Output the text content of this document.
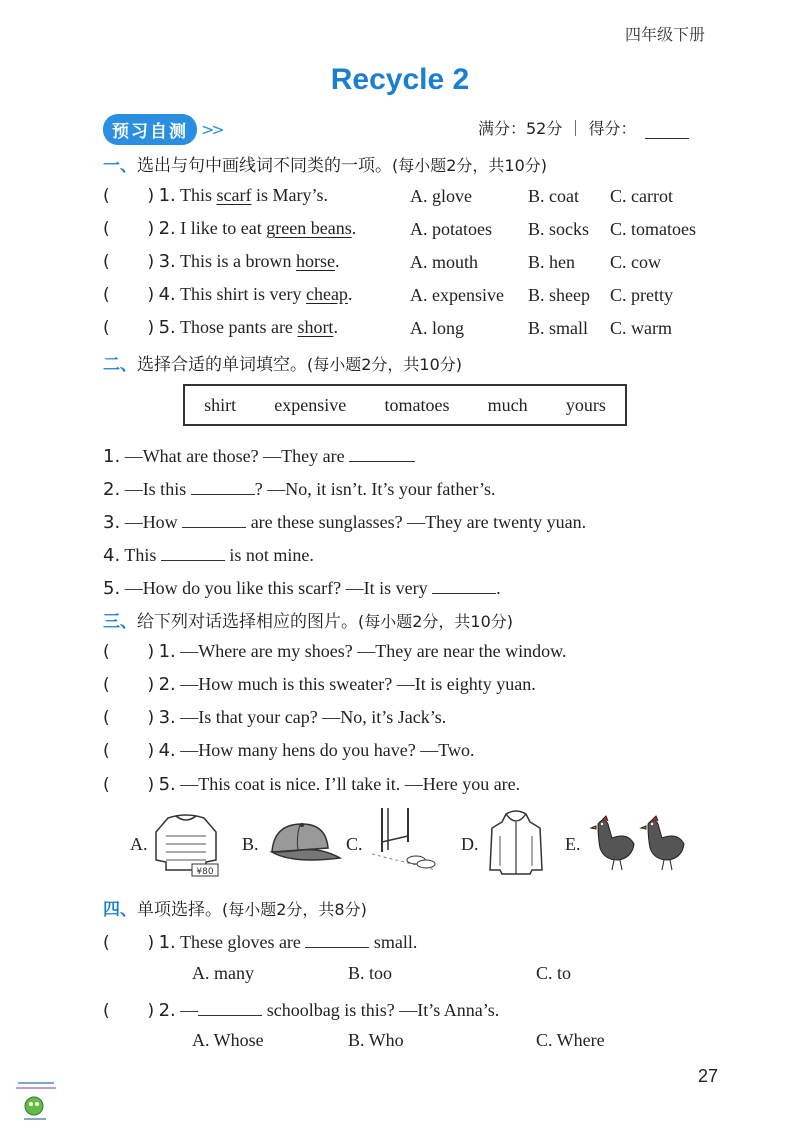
四年级下册
Recycle 2
预习自测 >>	满分：52分 ｜ 得分：
一、选出与句中画线词不同类的一项。(每小题2分，共10分)
(       ) 1. This scarf is Mary’s.	A. glove	B. coat C. carrot
(       ) 2. I like to eat green beans.	A. potatoes B. socks C. tomatoes
(       ) 3. This is a brown horse.	A. mouth	B. hen C. cow
(       ) 4. This shirt is very cheap.	A. expensive B. sheep C. pretty
(       ) 5. Those pants are short.	A. long	B. small C. warm
二、选择合适的单词填空。(每小题2分，共10分)
shirt expensive tomatoes much yours
1. —What are those? —They are
2. —Is this	? —No, it isn’t. It’s your father’s.
3. —How	are these sunglasses? —They are twenty yuan.
4. This	is not mine.
5. —How do you like this scarf? —It is very	.
三、给下列对话选择相应的图片。(每小题2分，共10分)
(       ) 1. —Where are my shoes? —They are near the window.
(       ) 2. —How much is this sweater? —It is eighty yuan.
(       ) 3. —Is that your cap? —No, it’s Jack’s.
(       ) 4. —How many hens do you have? —Two.
(       ) 5. —This coat is nice. I’ll take it. —Here you are.
A.
¥80
B.	C.	D.	E.
四、单项选择。(每小题2分，共8分)
(       ) 1. These gloves are	small.
A. many	B. too	C. to
(       ) 2. —	schoolbag is this? —It’s Anna’s.
A. Whose	B. Who	C. Where
27
